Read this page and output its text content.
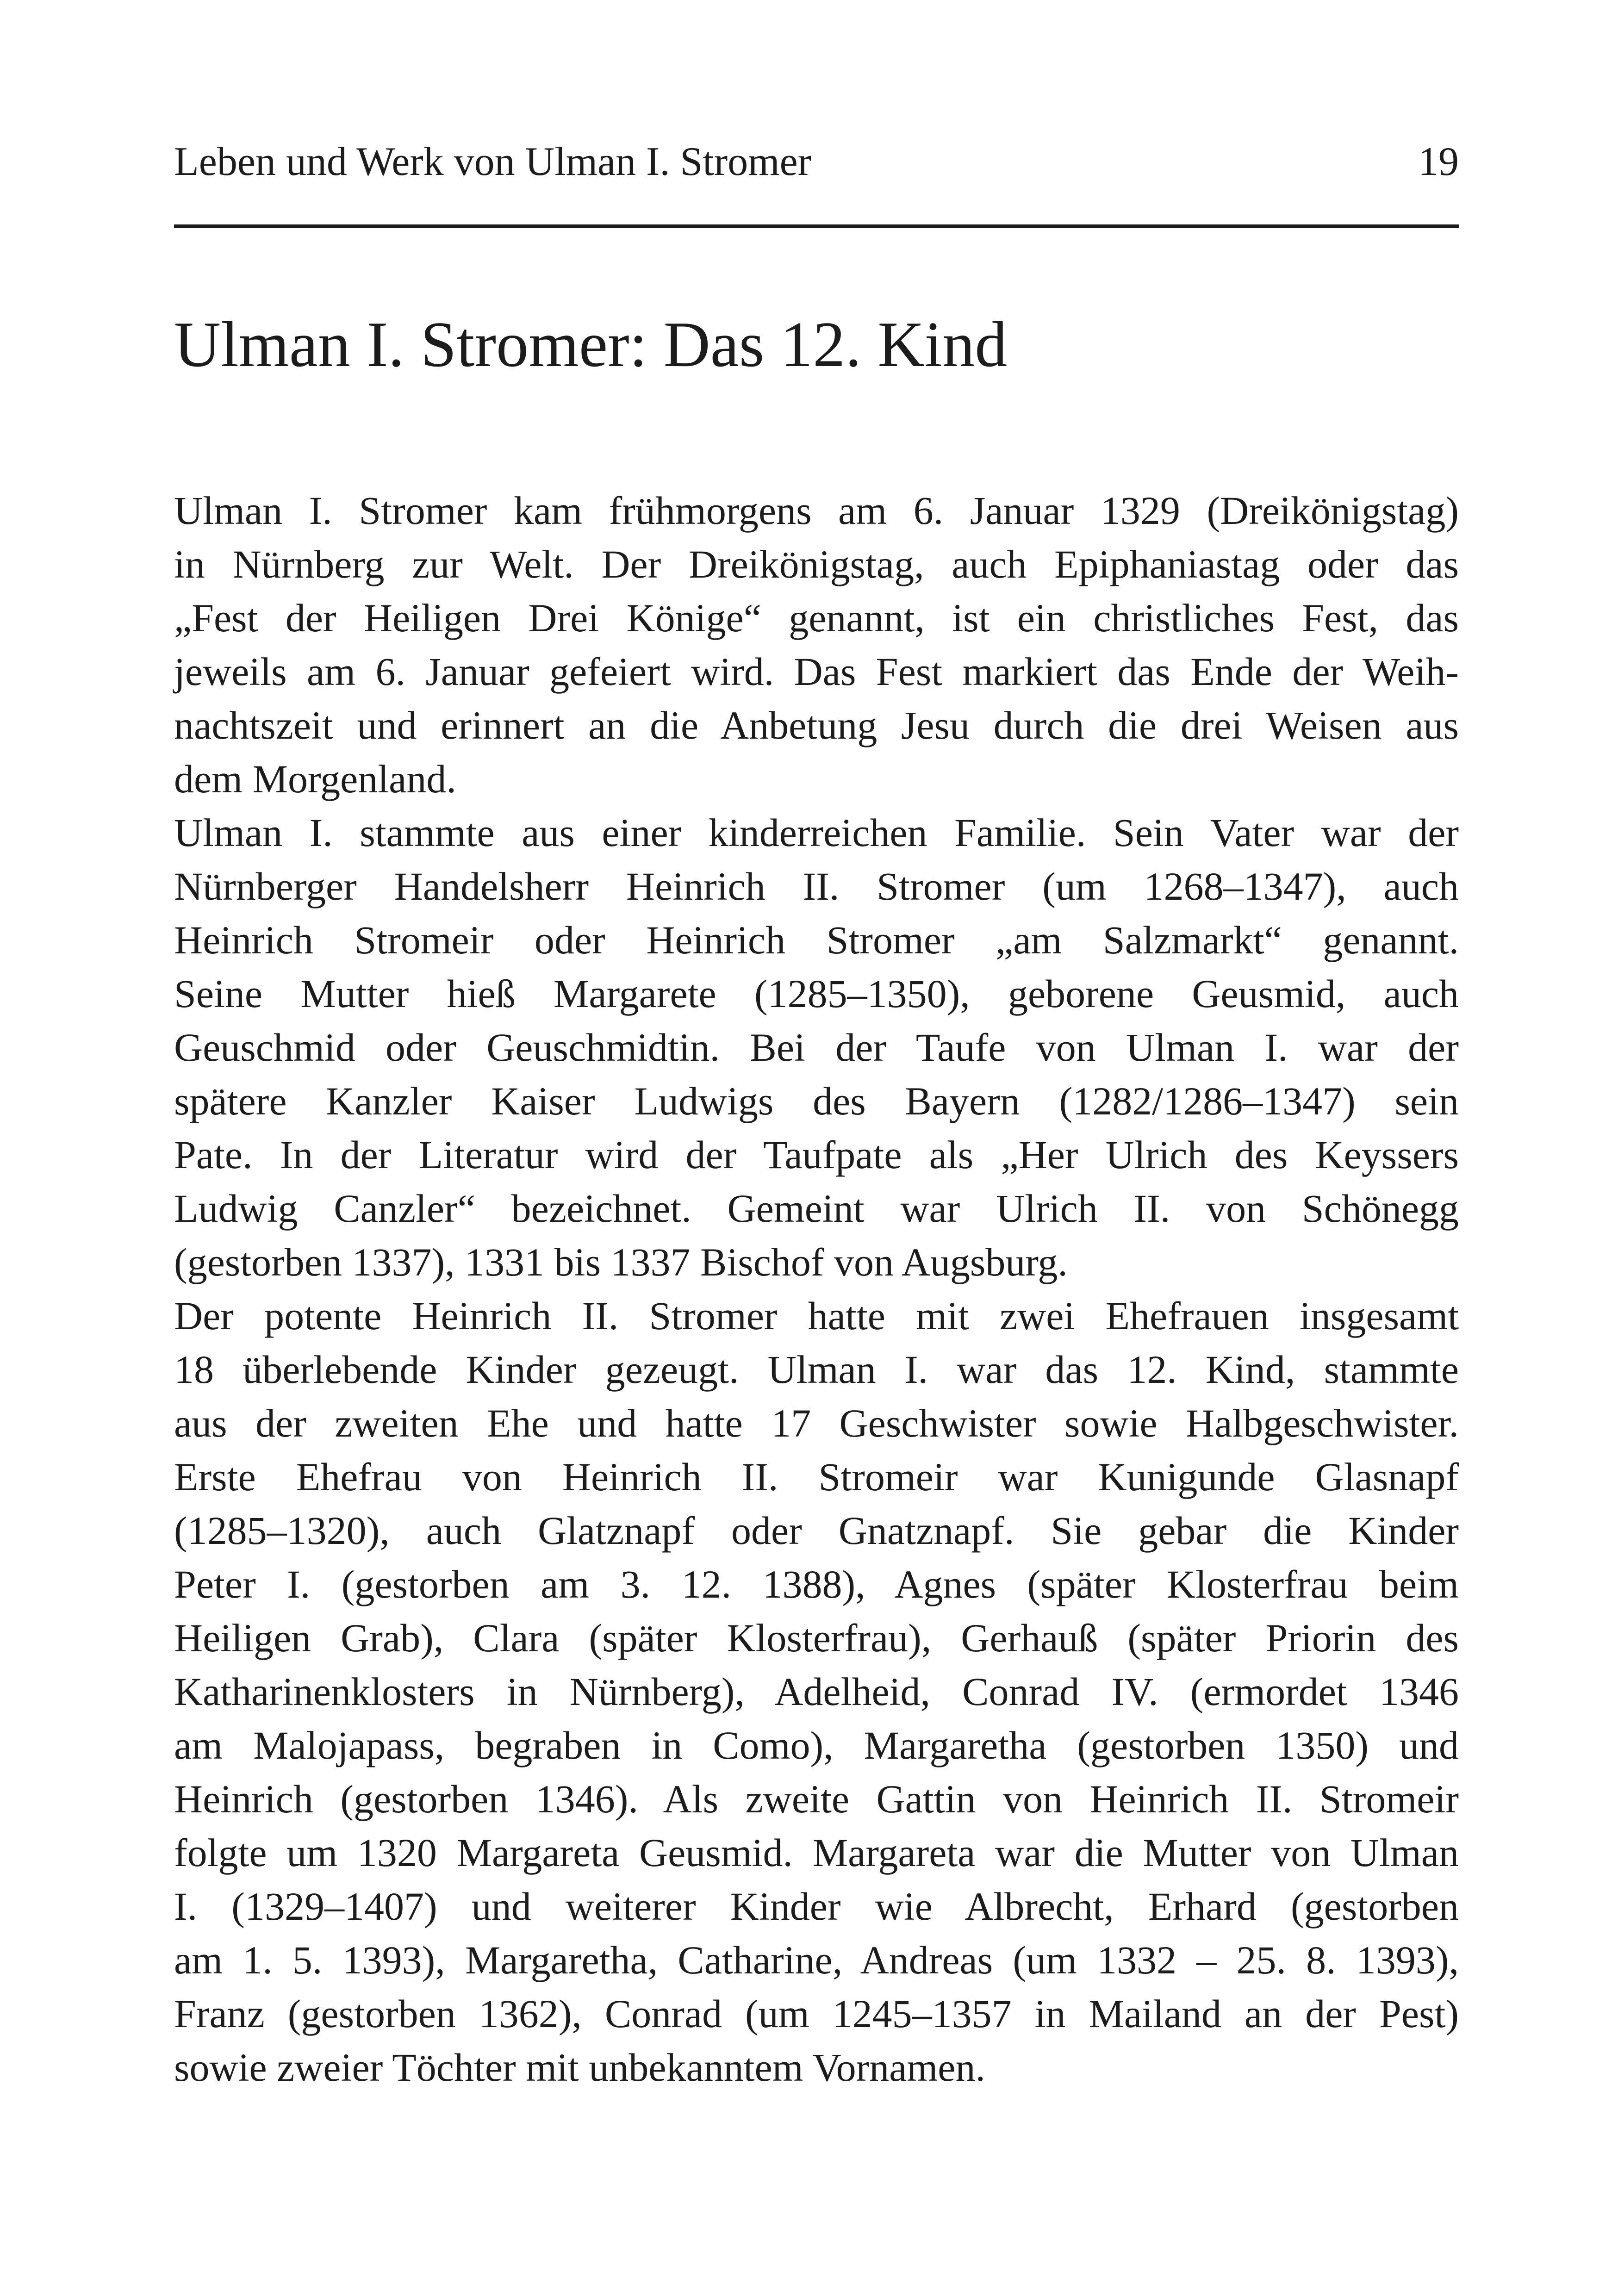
Leben und Werk von Ulman I. Stromer	19
Ulman I. Stromer: Das 12. Kind
Ulman I. Stromer kam frühmorgens am 6. Januar 1329 (Dreikönigstag)
in Nürnberg zur Welt. Der Dreikönigstag, auch Epiphaniastag oder das
„Fest der Heiligen Drei Könige“ genannt, ist ein christliches Fest, das
jeweils am 6. Januar gefeiert wird. Das Fest markiert das Ende der Weih-
nachtszeit und erinnert an die Anbetung Jesu durch die drei Weisen aus
dem Morgenland.
Ulman I. stammte aus einer kinderreichen Familie. Sein Vater war der
Nürnberger Handelsherr Heinrich II. Stromer (um 1268–1347), auch
Heinrich Stromeir oder Heinrich Stromer „am Salzmarkt“ genannt.
Seine Mutter hieß Margarete (1285–1350), geborene Geusmid, auch
Geuschmid oder Geuschmidtin. Bei der Taufe von Ulman I. war der
spätere Kanzler Kaiser Ludwigs des Bayern (1282/1286–1347) sein
Pate. In der Literatur wird der Taufpate als „Her Ulrich des Keyssers
Ludwig Canzler“ bezeichnet. Gemeint war Ulrich II. von Schönegg
(gestorben 1337), 1331 bis 1337 Bischof von Augsburg.
Der potente Heinrich II. Stromer hatte mit zwei Ehefrauen insgesamt
18 überlebende Kinder gezeugt. Ulman I. war das 12. Kind, stammte
aus der zweiten Ehe und hatte 17 Geschwister sowie Halbgeschwister.
Erste Ehefrau von Heinrich II. Stromeir war Kunigunde Glasnapf
(1285–1320), auch Glatznapf oder Gnatznapf. Sie gebar die Kinder
Peter I. (gestorben am 3. 12. 1388), Agnes (später Klosterfrau beim
Heiligen Grab), Clara (später Klosterfrau), Gerhauß (später Priorin des
Katharinenklosters in Nürnberg), Adelheid, Conrad IV. (ermordet 1346
am Malojapass, begraben in Como), Margaretha (gestorben 1350) und
Heinrich (gestorben 1346). Als zweite Gattin von Heinrich II. Stromeir
folgte um 1320 Margareta Geusmid. Margareta war die Mutter von Ulman
I. (1329–1407) und weiterer Kinder wie Albrecht, Erhard (gestorben
am 1. 5. 1393), Margaretha, Catharine, Andreas (um 1332 – 25. 8. 1393),
Franz (gestorben 1362), Conrad (um 1245–1357 in Mailand an der Pest)
sowie zweier Töchter mit unbekanntem Vornamen.
